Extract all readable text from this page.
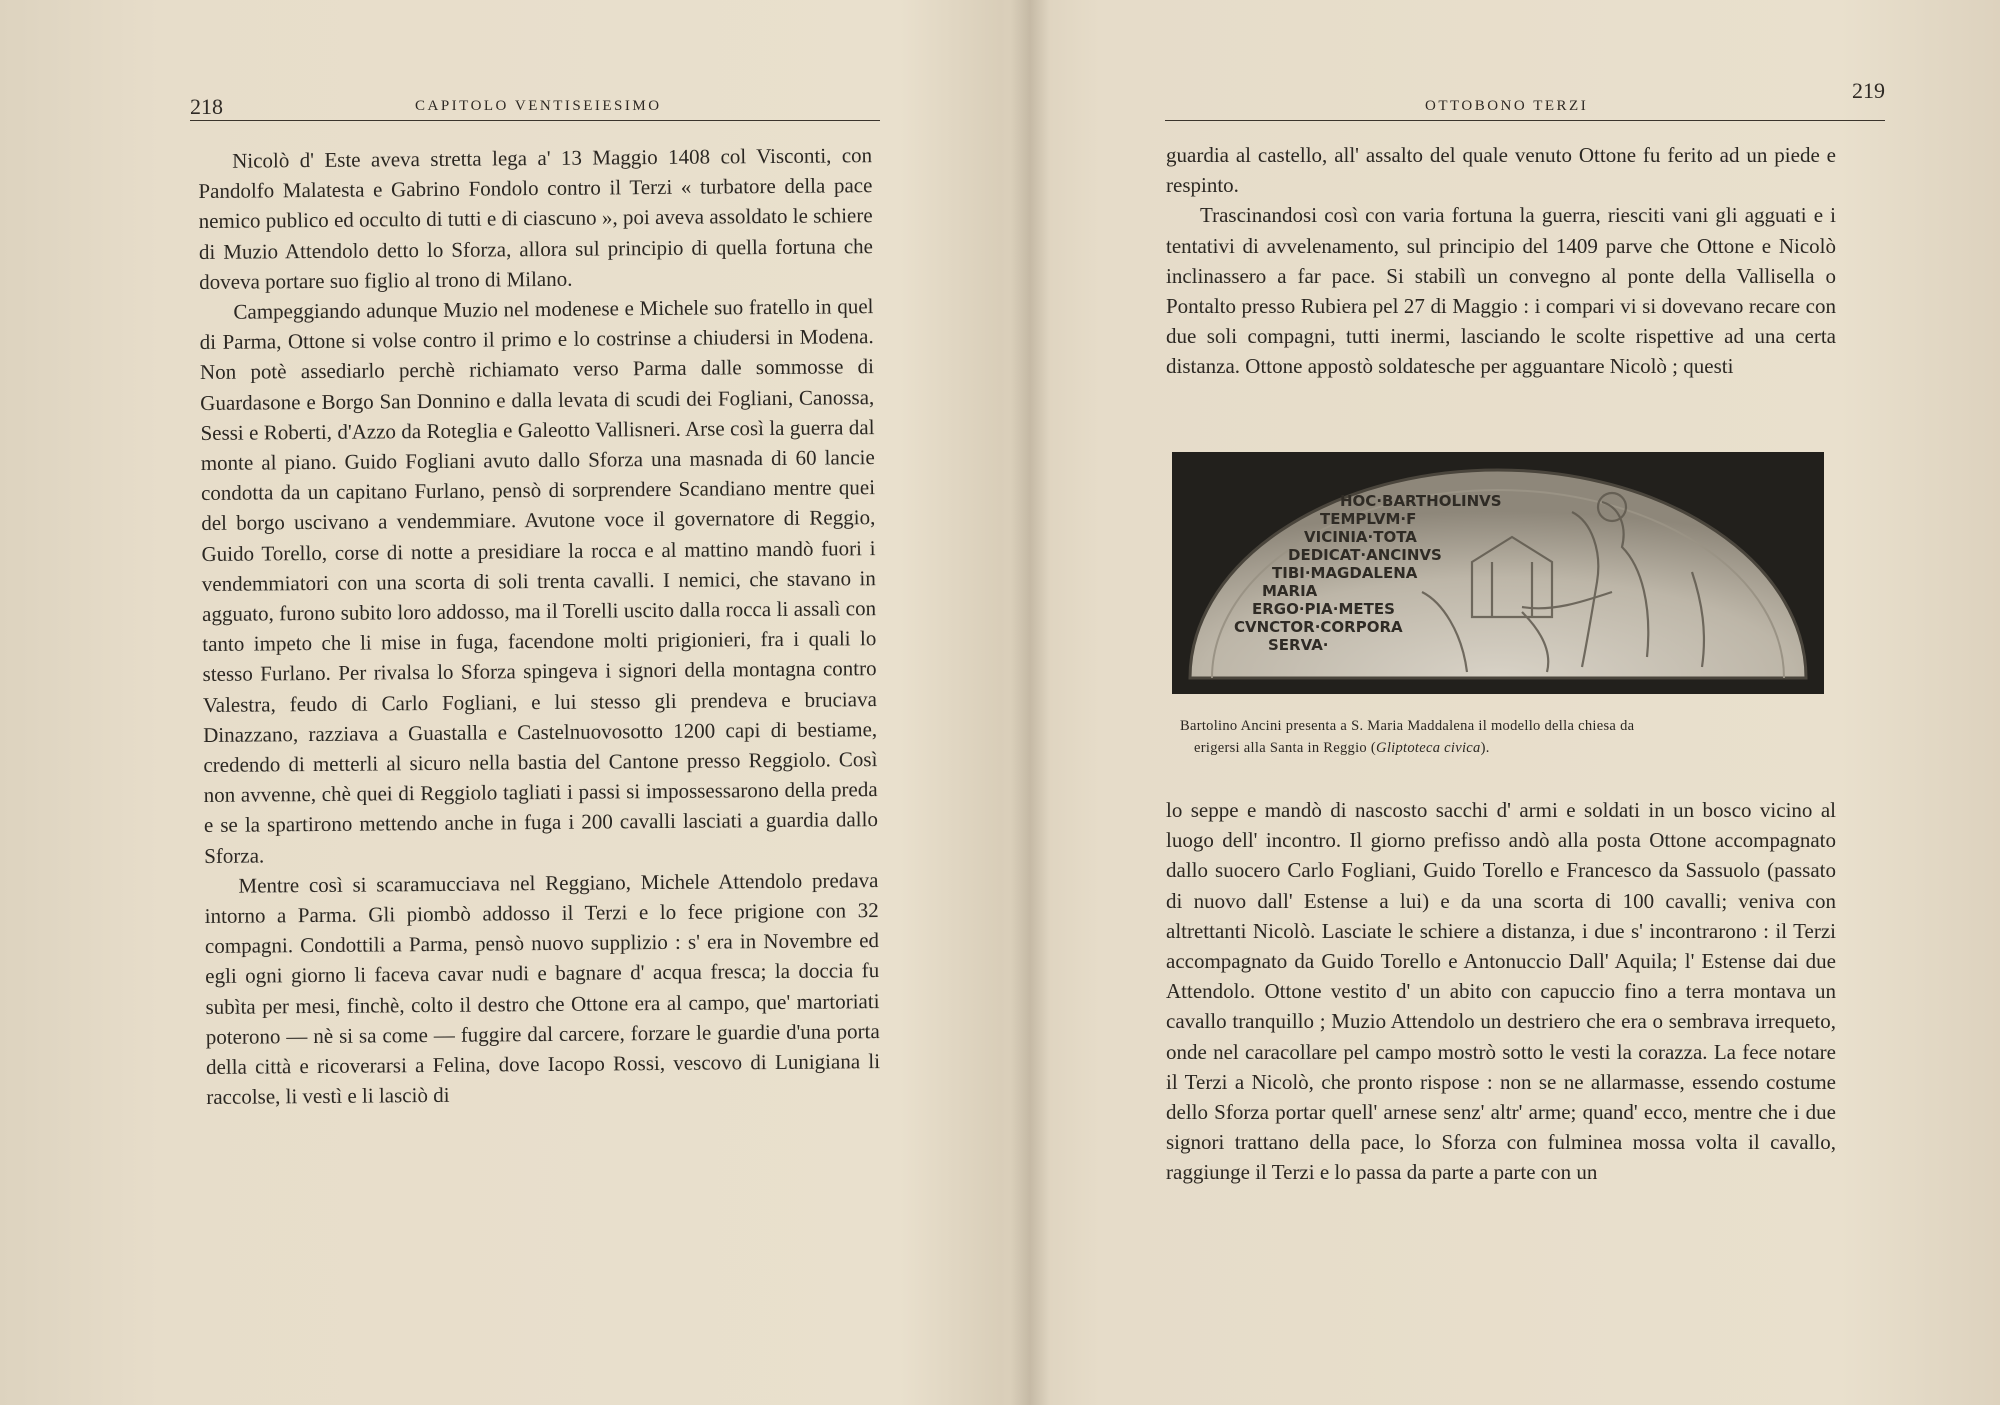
218	CAPITOLO VENTISEIESIMO

Nicolò d' Este aveva stretta lega a' 13 Maggio 1408 col Visconti, con Pandolfo Malatesta e Gabrino Fondolo contro il Terzi « turbatore della pace nemico publico ed occulto di tutti e di ciascuno », poi aveva assoldato le schiere di Muzio Attendolo detto lo Sforza, allora sul principio di quella fortuna che doveva portare suo figlio al trono di Milano.

Campeggiando adunque Muzio nel modenese e Michele suo fratello in quel di Parma, Ottone si volse contro il primo e lo costrinse a chiudersi in Modena. Non potè assediarlo perchè richiamato verso Parma dalle sommosse di Guardasone e Borgo San Donnino e dalla levata di scudi dei Fogliani, Canossa, Sessi e Roberti, d'Azzo da Roteglia e Galeotto Vallisneri. Arse così la guerra dal monte al piano. Guido Fogliani avuto dallo Sforza una masnada di 60 lancie condotta da un capitano Furlano, pensò di sorprendere Scandiano mentre quei del borgo uscivano a vendemmiare. Avutone voce il governatore di Reggio, Guido Torello, corse di notte a presidiare la rocca e al mattino mandò fuori i vendemmiatori con una scorta di soli trenta cavalli. I nemici, che stavano in agguato, furono subito loro addosso, ma il Torelli uscito dalla rocca li assalì con tanto impeto che li mise in fuga, facendone molti prigionieri, fra i quali lo stesso Furlano. Per rivalsa lo Sforza spingeva i signori della montagna contro Valestra, feudo di Carlo Fogliani, e lui stesso gli prendeva e bruciava Dinazzano, razziava a Guastalla e Castelnuovosotto 1200 capi di bestiame, credendo di metterli al sicuro nella bastia del Cantone presso Reggiolo. Così non avvenne, chè quei di Reggiolo tagliati i passi si impossessarono della preda e se la spartirono mettendo anche in fuga i 200 cavalli lasciati a guardia dallo Sforza.

Mentre così si scaramucciava nel Reggiano, Michele Attendolo predava intorno a Parma. Gli piombò addosso il Terzi e lo fece prigione con 32 compagni. Condottili a Parma, pensò nuovo supplizio : s' era in Novembre ed egli ogni giorno li faceva cavar nudi e bagnare d' acqua fresca; la doccia fu subìta per mesi, finchè, colto il destro che Ottone era al campo, que' martoriati poterono — nè si sa come — fuggire dal carcere, forzare le guardie d'una porta della città e ricoverarsi a Felina, dove Iacopo Rossi, vescovo di Lunigiana li raccolse, li vestì e li lasciò di

OTTOBONO TERZI
219

guardia al castello, all' assalto del quale venuto Ottone fu ferito ad un piede e respinto.

Trascinandosi così con varia fortuna la guerra, riesciti vani gli agguati e i tentativi di avvelenamento, sul principio del 1409 parve che Ottone e Nicolò inclinassero a far pace. Si stabilì un convegno al ponte della Vallisella o Pontalto presso Rubiera pel 27 di Maggio : i compari vi si dovevano recare con due soli compagni, tutti inermi, lasciando le scolte rispettive ad una certa distanza. Ottone appostò soldatesche per agguantare Nicolò ; questi

HOC·BARTHOLINVS
TEMPLVM·F
VICINIA·TOTA
DEDICAT·ANCINVS
TIBI·MAGDALENA
MARIA
ERGO·PIA·METES
CVNCTOR·CORPORA
SERVA·
Bartolino Ancini presenta a S. Maria Maddalena il modello della chiesa da
erigersi alla Santa in Reggio (Gliptoteca civica).

lo seppe e mandò di nascosto sacchi d' armi e soldati in un bosco vicino al luogo dell' incontro. Il giorno prefisso andò alla posta Ottone accompagnato dallo suocero Carlo Fogliani, Guido Torello e Francesco da Sassuolo (passato di nuovo dall' Estense a lui) e da una scorta di 100 cavalli; veniva con altrettanti Nicolò. Lasciate le schiere a distanza, i due s' incontrarono : il Terzi accompagnato da Guido Torello e Antonuccio Dall' Aquila; l' Estense dai due Attendolo. Ottone vestito d' un abito con capuccio fino a terra montava un cavallo tranquillo ; Muzio Attendolo un destriero che era o sembrava irrequeto, onde nel caracollare pel campo mostrò sotto le vesti la corazza. La fece notare il Terzi a Nicolò, che pronto rispose : non se ne allarmasse, essendo costume dello Sforza portar quell' arnese senz' altr' arme; quand' ecco, mentre che i due signori trattano della pace, lo Sforza con fulminea mossa volta il cavallo, raggiunge il Terzi e lo passa da parte a parte con un
